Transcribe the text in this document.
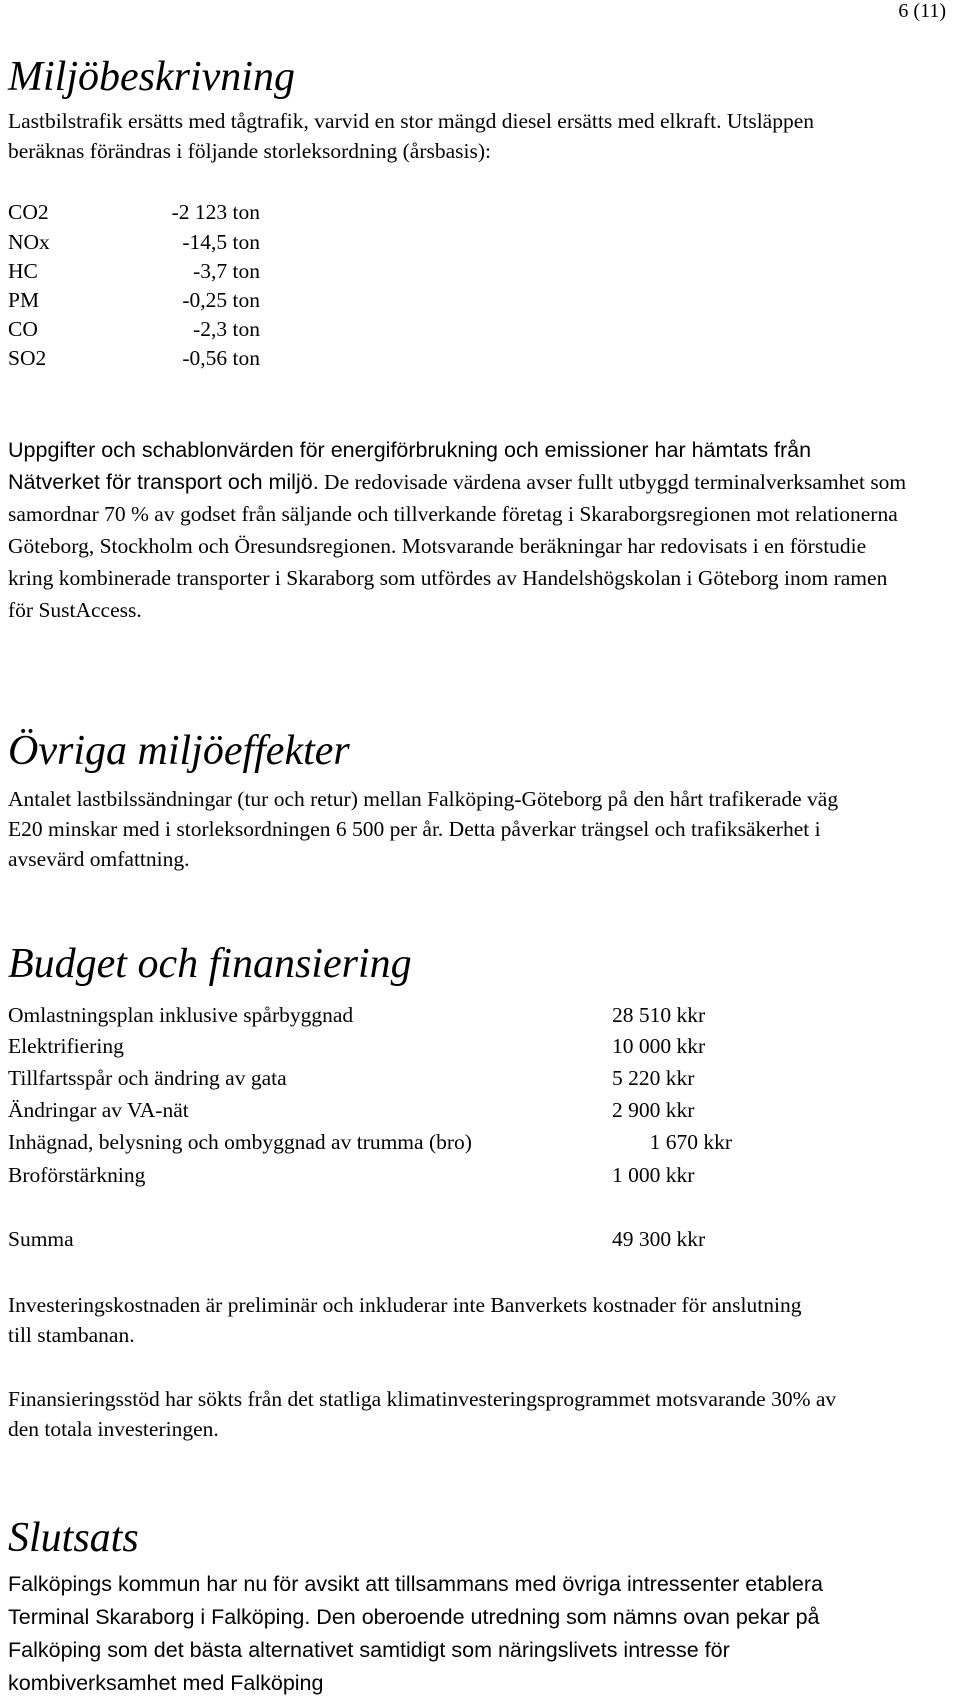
6 (11)
Miljöbeskrivning

Lastbilstrafik ersätts med tågtrafik, varvid en stor mängd diesel ersätts med elkraft. Utsläppen beräknas förändras i följande storleksordning (årsbasis):

CO2	-2 123 ton
NOx	-14,5 ton
HC	-3,7 ton
PM	-0,25 ton
CO	-2,3 ton
SO2	-0,56 ton

Uppgifter och schablonvärden för energiförbrukning och emissioner har hämtats från Nätverket för transport och miljö. De redovisade värdena avser fullt utbyggd terminalverksamhet som samordnar 70 % av godset från säljande och tillverkande företag i Skaraborgsregionen mot relationerna Göteborg, Stockholm och Öresundsregionen. Motsvarande beräkningar har redovisats i en förstudie kring kombinerade transporter i Skaraborg som utfördes av Handelshögskolan i Göteborg inom ramen för SustAccess.

Övriga miljöeffekter

Antalet lastbilssändningar (tur och retur) mellan Falköping-Göteborg på den hårt trafikerade väg E20 minskar med i storleksordningen 6 500 per år. Detta påverkar trängsel och trafiksäkerhet i avsevärd omfattning.

Budget och finansiering
Omlastningsplan inklusive spårbyggnad	28 510 kkr
Elektrifiering	10 000 kkr
Tillfartsspår och ändring av gata	5 220 kkr
Ändringar av VA-nät	2 900 kkr
Inhägnad, belysning och ombyggnad av trumma (bro)	1 670 kkr
Broförstärkning	1 000 kkr
Summa	49 300 kkr

Investeringskostnaden är preliminär och inkluderar inte Banverkets kostnader för anslutning till stambanan.

Finansieringsstöd har sökts från det statliga klimatinvesteringsprogrammet motsvarande 30% av den totala investeringen.

Slutsats

Falköpings kommun har nu för avsikt att tillsammans med övriga intressenter etablera Terminal Skaraborg i Falköping. Den oberoende utredning som nämns ovan pekar på Falköping som det bästa alternativet samtidigt som näringslivets intresse för kombiverksamhet med Falköping
